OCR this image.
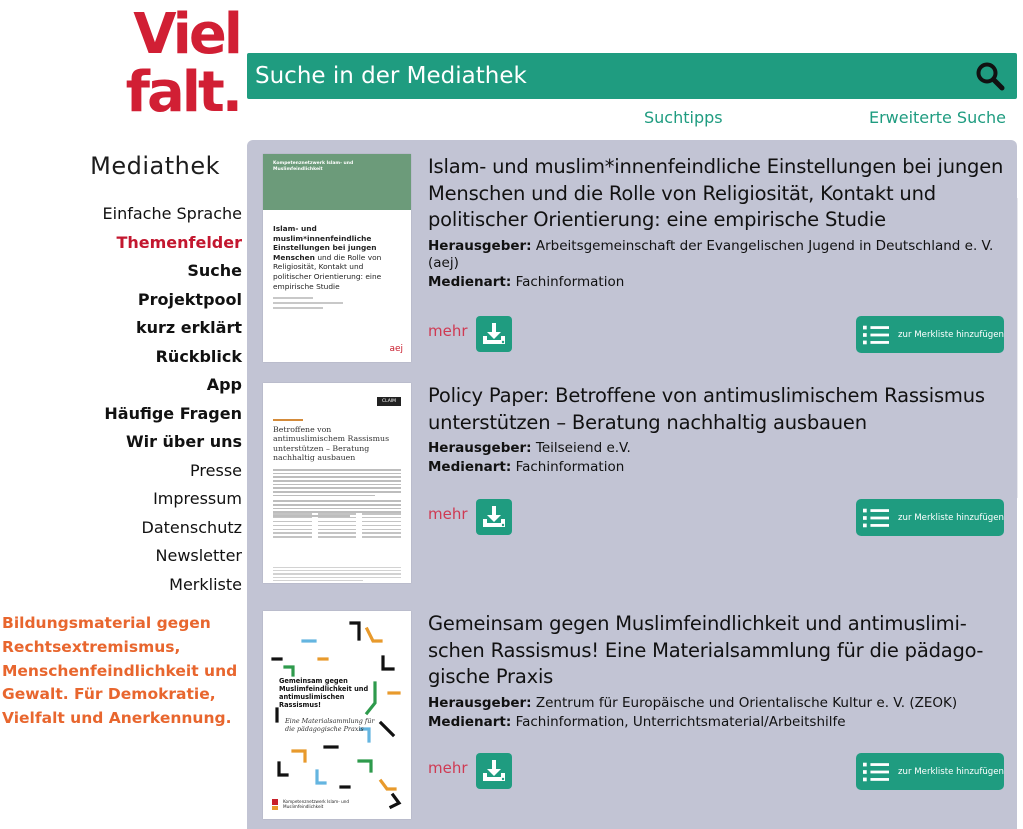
Viel
falt.
Mediathek
Einfache Sprache
Themenfelder
Suche
Projektpool
kurz erklärt
Rückblick
App
Häufige Fragen
Wir über uns
Presse
Impressum
Datenschutz
Newsletter
Merkliste
Bildungsmaterial gegen Rechtsextremismus, Menschenfeindlichkeit und Gewalt. Für Demokratie, Vielfalt und Anerkennung.
Suche in der Mediathek
Suchtipps	Erweiterte Suche
Kompetenznetzwerk Islam- und Muslimfeindlichkeit
Islam- und muslim*innenfeindliche Einstellungen bei jungen Menschen und die Rolle von Religiosität, Kontakt und politischer Orientierung: eine empirische Studie
aej
Islam- und muslim*innenfeindliche Einstellungen bei jungen Menschen und die Rolle von Religiosität, Kontakt und politischer Orientierung: eine empirische Studie
Herausgeber: Arbeitsgemeinschaft der Evangelischen Jugend in Deutschland e. V. (aej)
Medienart: Fachinformation
mehr	zur Merkliste hinzufügen
CLAIM
Betroffene von antimuslimischem Rassismus unterstützen – Beratung nachhaltig ausbauen
Policy Paper: Betroffene von antimuslimischem Rassismus unterstützen – Beratung nachhaltig ausbauen
Herausgeber: Teilseiend e.V.
Medienart: Fachinformation
mehr	zur Merkliste hinzufügen
Gemeinsam gegen Muslimfeindlichkeit und antimuslimischen Rassismus!
Eine Materialsammlung für die pädagogische Praxis
Kompetenznetzwerk Islam- und Muslimfeindlichkeit
Gemeinsam gegen Muslimfeindlichkeit und antimuslimischen Rassismus! Eine Materialsammlung für die pädagogische Praxis
Herausgeber: Zentrum für Europäische und Orientalische Kultur e. V. (ZEOK)
Medienart: Fachinformation, Unterrichtsmaterial/Arbeitshilfe
mehr	zur Merkliste hinzufügen
